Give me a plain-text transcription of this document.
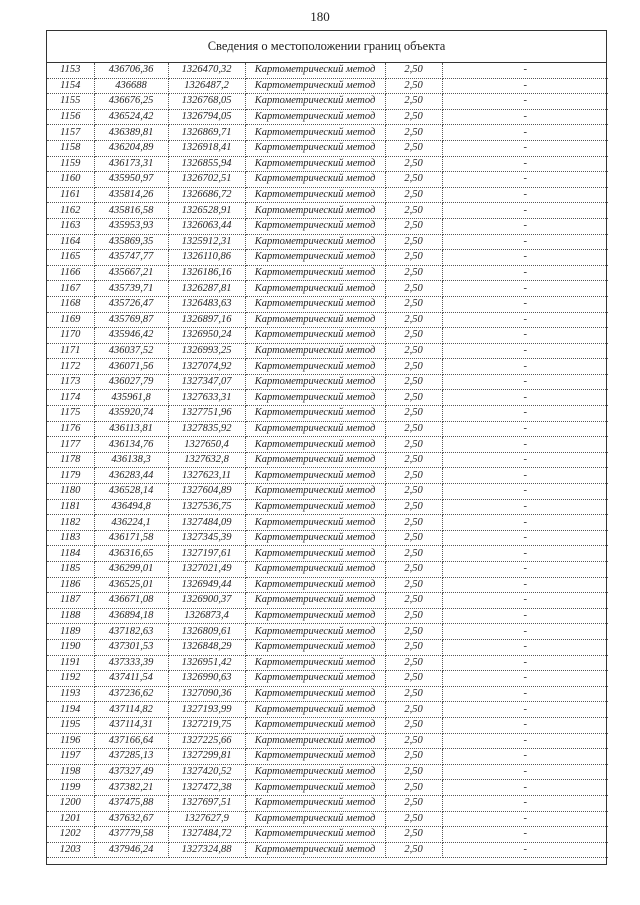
180
Сведения о местоположении границ объекта
1153	436706,36	1326470,32	Картометрический метод	2,50	-
1154	436688	1326487,2	Картометрический метод	2,50	-
1155	436676,25	1326768,05	Картометрический метод	2,50	-
1156	436524,42	1326794,05	Картометрический метод	2,50	-
1157	436389,81	1326869,71	Картометрический метод	2,50	-
1158	436204,89	1326918,41	Картометрический метод	2,50	-
1159	436173,31	1326855,94	Картометрический метод	2,50	-
1160	435950,97	1326702,51	Картометрический метод	2,50	-
1161	435814,26	1326686,72	Картометрический метод	2,50	-
1162	435816,58	1326528,91	Картометрический метод	2,50	-
1163	435953,93	1326063,44	Картометрический метод	2,50	-
1164	435869,35	1325912,31	Картометрический метод	2,50	-
1165	435747,77	1326110,86	Картометрический метод	2,50	-
1166	435667,21	1326186,16	Картометрический метод	2,50	-
1167	435739,71	1326287,81	Картометрический метод	2,50	-
1168	435726,47	1326483,63	Картометрический метод	2,50	-
1169	435769,87	1326897,16	Картометрический метод	2,50	-
1170	435946,42	1326950,24	Картометрический метод	2,50	-
1171	436037,52	1326993,25	Картометрический метод	2,50	-
1172	436071,56	1327074,92	Картометрический метод	2,50	-
1173	436027,79	1327347,07	Картометрический метод	2,50	-
1174	435961,8	1327633,31	Картометрический метод	2,50	-
1175	435920,74	1327751,96	Картометрический метод	2,50	-
1176	436113,81	1327835,92	Картометрический метод	2,50	-
1177	436134,76	1327650,4	Картометрический метод	2,50	-
1178	436138,3	1327632,8	Картометрический метод	2,50	-
1179	436283,44	1327623,11	Картометрический метод	2,50	-
1180	436528,14	1327604,89	Картометрический метод	2,50	-
1181	436494,8	1327536,75	Картометрический метод	2,50	-
1182	436224,1	1327484,09	Картометрический метод	2,50	-
1183	436171,58	1327345,39	Картометрический метод	2,50	-
1184	436316,65	1327197,61	Картометрический метод	2,50	-
1185	436299,01	1327021,49	Картометрический метод	2,50	-
1186	436525,01	1326949,44	Картометрический метод	2,50	-
1187	436671,08	1326900,37	Картометрический метод	2,50	-
1188	436894,18	1326873,4	Картометрический метод	2,50	-
1189	437182,63	1326809,61	Картометрический метод	2,50	-
1190	437301,53	1326848,29	Картометрический метод	2,50	-
1191	437333,39	1326951,42	Картометрический метод	2,50	-
1192	437411,54	1326990,63	Картометрический метод	2,50	-
1193	437236,62	1327090,36	Картометрический метод	2,50	-
1194	437114,82	1327193,99	Картометрический метод	2,50	-
1195	437114,31	1327219,75	Картометрический метод	2,50	-
1196	437166,64	1327225,66	Картометрический метод	2,50	-
1197	437285,13	1327299,81	Картометрический метод	2,50	-
1198	437327,49	1327420,52	Картометрический метод	2,50	-
1199	437382,21	1327472,38	Картометрический метод	2,50	-
1200	437475,88	1327697,51	Картометрический метод	2,50	-
1201	437632,67	1327627,9	Картометрический метод	2,50	-
1202	437779,58	1327484,72	Картометрический метод	2,50	-
1203	437946,24	1327324,88	Картометрический метод	2,50	-
